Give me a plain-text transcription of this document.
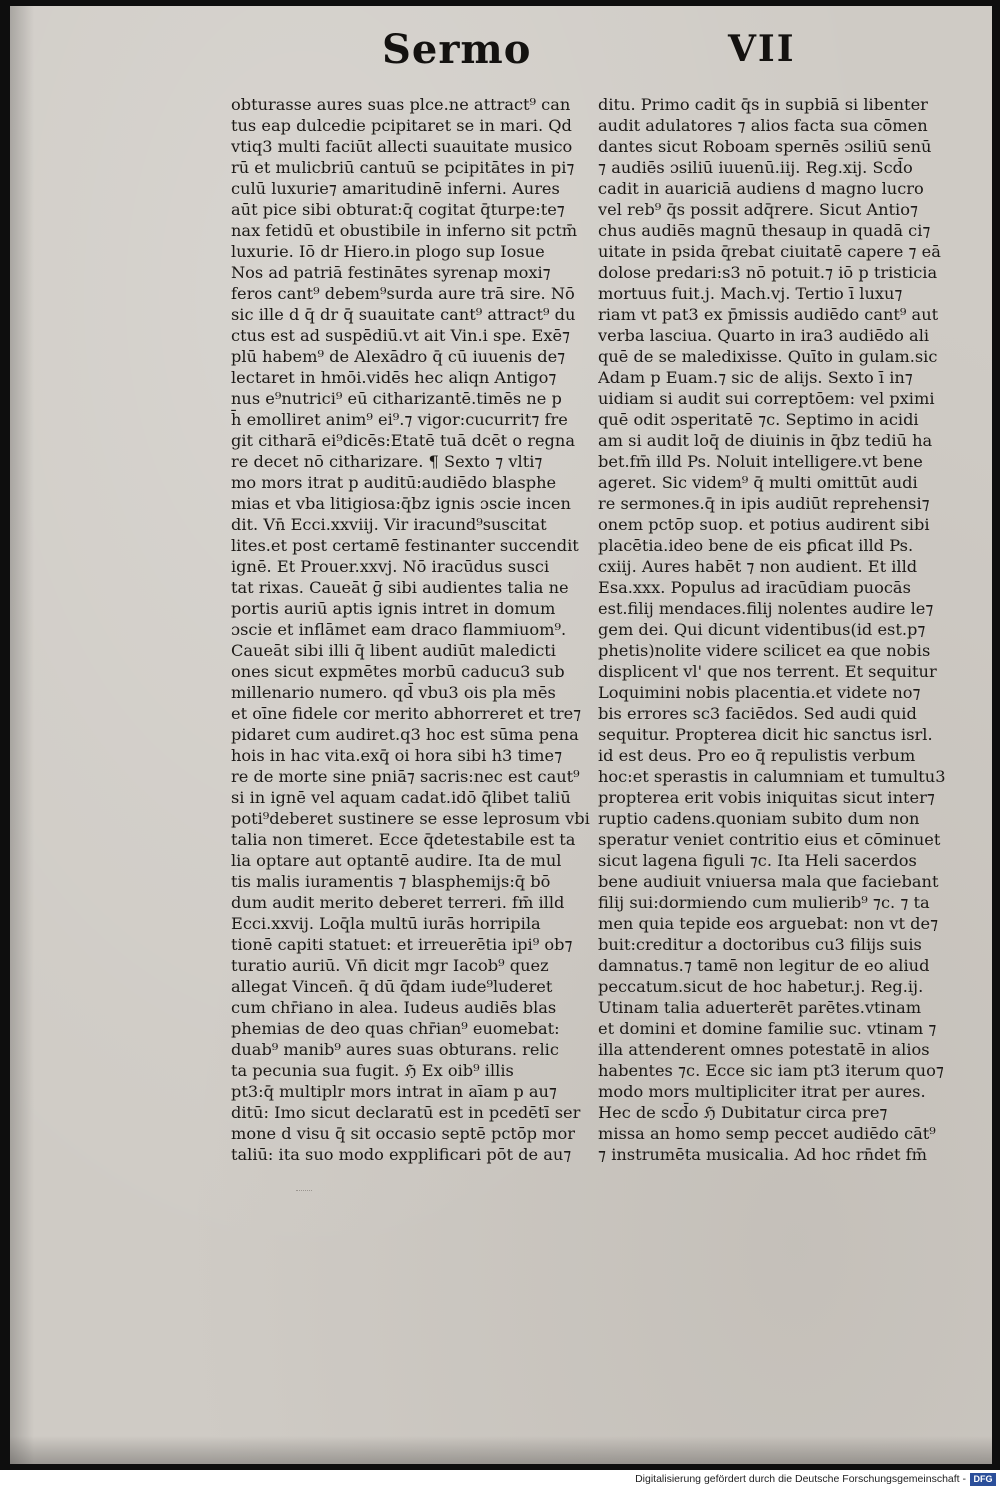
Sermo	VII
obturasse aures suas plce.ne attract⁹ can
tus eap dulcedie pcipitaret se in mari. Qd
vtiq3 multi faciūt allecti suauitate musico
rū et mulicbriū cantuū se pcipitātes in pi⁊
culū luxurie⁊ amaritudinē inferni. Aures
aūt pice sibi obturat:q̄ cogitat q̄turpe:te⁊
nax fetidū et obustibile in inferno sit pctm̄
luxurie. Iō dr Hiero.in plogo sup Iosue
Nos ad patriā festinātes syrenap moxi⁊
feros cant⁹ debem⁹surda aure trā sire. Nō
sic ille d q̄ dr q̄ suauitate cant⁹ attract⁹ du
ctus est ad suspēdiū.vt ait Vin.i spe. Exē⁊
plū habem⁹ de Alexādro q̄ cū iuuenis de⁊
lectaret in hmōi.vidēs hec aliqn Antigo⁊
nus e⁹nutrici⁹ eū citharizantē.timēs ne p
h̄ emolliret anim⁹ ei⁹.⁊ vigor:cucurrit⁊ fre
git citharā ei⁹dicēs:Etatē tuā dcēt o regna
re decet nō citharizare. ¶ Sexto ⁊ vlti⁊
mo mors itrat p auditū:audiēdo blasphe
mias et vba litigiosa:q̄bz ignis ɔscie incen
dit. Vn̄ Ecci.xxviij. Vir iracund⁹suscitat
lites.et post certamē festinanter succendit
ignē. Et Prouer.xxvj. Nō iracūdus susci
tat rixas. Caueāt ḡ sibi audientes talia ne
portis auriū aptis ignis intret in domum
ɔscie et inflāmet eam draco flammiuom⁹.
Caueāt sibi illi q̄ libent audiūt maledicti
ones sicut expmētes morbū caducu3 sub
millenario numero. qd̄ vbu3 ois pla mēs
et oīne fidele cor merito abhorreret et tre⁊
pidaret cum audiret.q3 hoc est sūma pena
hois in hac vita.exq̄ oi hora sibi h3 time⁊
re de morte sine pniā⁊ sacris:nec est caut⁹
si in ignē vel aquam cadat.idō q̄libet taliū
poti⁹deberet sustinere se esse leprosum vbi
talia non timeret. Ecce q̄detestabile est ta
lia optare aut optantē audire. Ita de mul
tis malis iuramentis ⁊ blasphemijs:q̄ bō
dum audit merito deberet terreri. fm̄ illd
Ecci.xxvij. Loq̄la multū iurās horripila
tionē capiti statuet: et irreuerētia ipi⁹ ob⁊
turatio auriū. Vn̄ dicit mgr Iacob⁹ quez
allegat Vincen̄. q̄ dū q̄dam iude⁹luderet
cum chr̄iano in alea. Iudeus audiēs blas
phemias de deo quas chr̄ian⁹ euomebat:
duab⁹ manib⁹ aures suas obturans. relic
ta pecunia sua fugit. ℌ Ex oib⁹ illis
pt3:q̄ multiplr mors intrat in aīam p au⁊
ditū: Imo sicut declaratū est in pcedētī ser
mone d visu q̄ sit occasio septē pctōp mor
taliū: ita suo modo expplificari pōt de au⁊
ditu. Primo cadit q̄s in supbiā si libenter
audit adulatores ⁊ alios facta sua cōmen
dantes sicut Roboam spernēs ɔsiliū senū
⁊ audiēs ɔsiliū iuuenū.iij. Reg.xij. Scd̄o
cadit in auariciā audiens d magno lucro
vel reb⁹ q̄s possit adq̄rere. Sicut Antio⁊
chus audiēs magnū thesaup in quadā ci⁊
uitate in psida q̄rebat ciuitatē capere ⁊ eā
dolose predari:s3 nō potuit.⁊ iō p tristicia
mortuus fuit.j. Mach.vj. Tertio ī luxu⁊
riam vt pat3 ex p̄missis audiēdo cant⁹ aut
verba lasciua. Quarto in ira3 audiēdo ali
quē de se maledixisse. Quīto in gulam.sic
Adam p Euam.⁊ sic de alijs. Sexto ī in⁊
uidiam si audit sui correptōem: vel pximi
quē odit ɔsperitatē ⁊c. Septimo in acidi
am si audit loq̄ de diuinis in q̄bz tediū ha
bet.fm̄ illd Ps. Noluit intelligere.vt bene
ageret. Sic videm⁹ q̄ multi omittūt audi
re sermones.q̄ in ipis audiūt reprehensi⁊
onem pctōp suop. et potius audirent sibi
placētia.ideo bene de eis ꝑficat illd Ps.
cxiij. Aures habēt ⁊ non audient. Et illd
Esa.xxx. Populus ad iracūdiam puocās
est.filij mendaces.filij nolentes audire le⁊
gem dei. Qui dicunt videntibus(id est.p⁊
phetis)nolite videre scilicet ea que nobis
displicent vl' que nos terrent. Et sequitur
Loquimini nobis placentia.et videte no⁊
bis errores sc3 faciēdos. Sed audi quid
sequitur. Propterea dicit hic sanctus isrl.
id est deus. Pro eo q̄ repulistis verbum
hoc:et sperastis in calumniam et tumultu3
propterea erit vobis iniquitas sicut inter⁊
ruptio cadens.quoniam subito dum non
speratur veniet contritio eius et cōminuet
sicut lagena figuli ⁊c. Ita Heli sacerdos
bene audiuit vniuersa mala que faciebant
filij sui:dormiendo cum mulierib⁹ ⁊c. ⁊ ta
men quia tepide eos arguebat: non vt de⁊
buit:creditur a doctoribus cu3 filijs suis
damnatus.⁊ tamē non legitur de eo aliud
peccatum.sicut de hoc habetur.j. Reg.ij.
Utinam talia aduerterēt parētes.vtinam
et domini et domine familie suc. vtinam ⁊
illa attenderent omnes potestatē in alios
habentes ⁊c. Ecce sic iam pt3 iterum quo⁊
modo mors multipliciter itrat per aures.
Hec de scd̄o ℌ Dubitatur circa pre⁊
missa an homo semp peccet audiēdo cāt⁹
⁊ instrumēta musicalia. Ad hoc rn̄det fm̄
Digitalisierung gefördert durch die Deutsche Forschungsgemeinschaft - DFG
